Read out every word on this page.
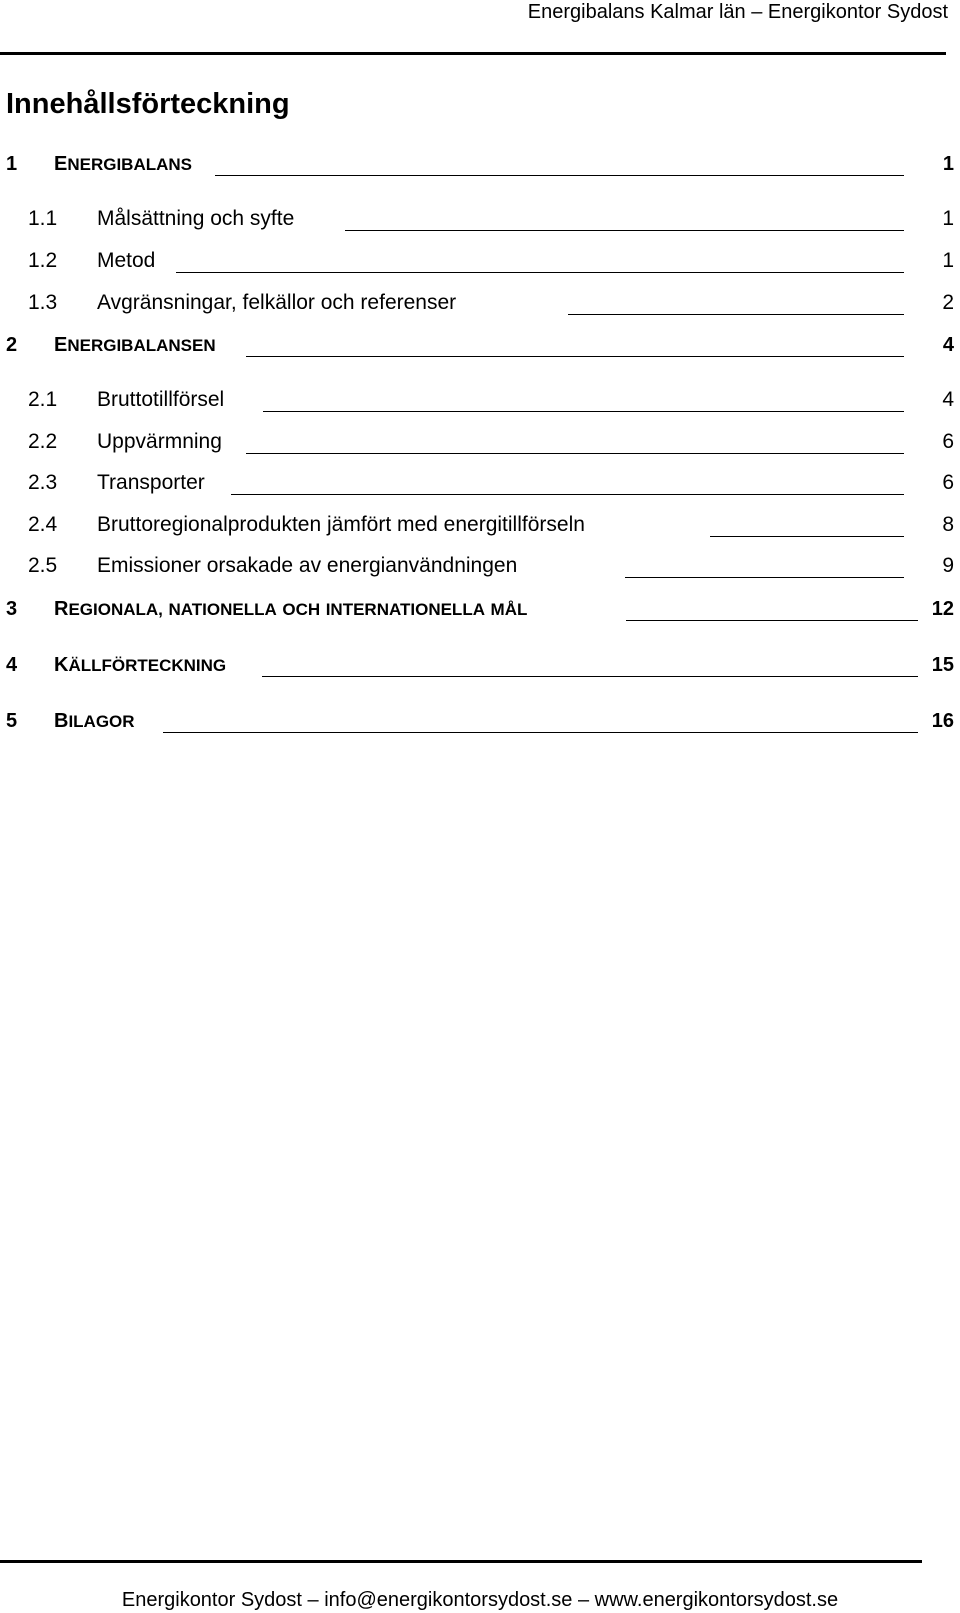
Energibalans Kalmar län – Energikontor Sydost
Innehållsförteckning
1 ENERGIBALANS	1
1.1 Målsättning och syfte	1
1.2 Metod	1
1.3 Avgränsningar, felkällor och referenser	2
2 ENERGIBALANSEN	4
2.1 Bruttotillförsel	4
2.2 Uppvärmning	6
2.3 Transporter	6
2.4 Bruttoregionalprodukten jämfört med energitillförseln	8
2.5 Emissioner orsakade av energianvändningen	9
3 REGIONALA, NATIONELLA OCH INTERNATIONELLA MÅL	12
4 KÄLLFÖRTECKNING	15
5 BILAGOR	16
Energikontor Sydost – info@energikontorsydost.se – www.energikontorsydost.se
